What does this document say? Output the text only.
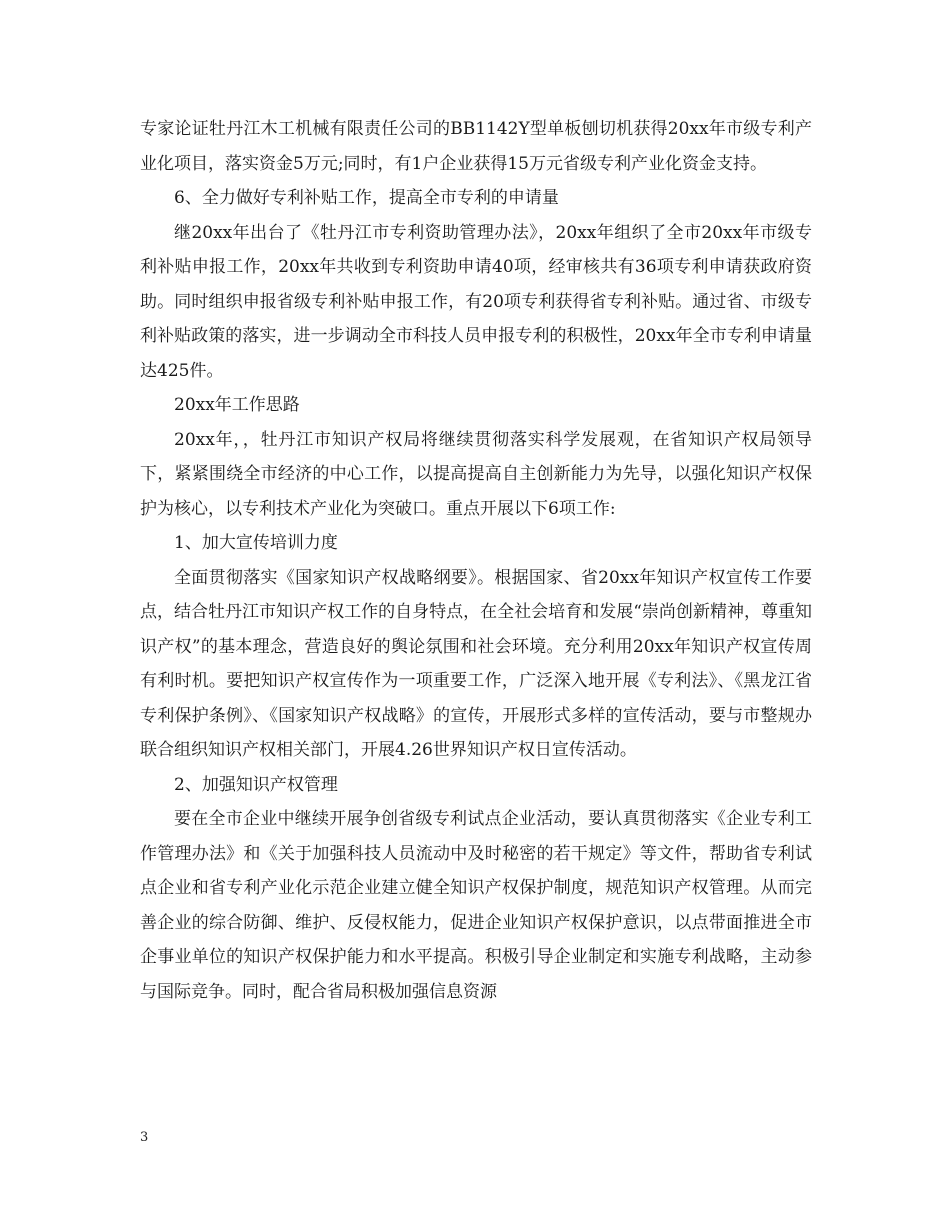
专家论证牡丹江木工机械有限责任公司的BB1142Y型单板刨切机获得20xx年市级专利产业化项目，落实资金5万元;同时，有1户企业获得15万元省级专利产业化资金支持。

6、全力做好专利补贴工作，提高全市专利的申请量

继20xx年出台了《牡丹江市专利资助管理办法》，20xx年组织了全市20xx年市级专利补贴申报工作，20xx年共收到专利资助申请40项，经审核共有36项专利申请获政府资助。同时组织申报省级专利补贴申报工作，有20项专利获得省专利补贴。通过省、市级专利补贴政策的落实，进一步调动全市科技人员申报专利的积极性，20xx年全市专利申请量达425件。

20xx年工作思路

20xx年，，牡丹江市知识产权局将继续贯彻落实科学发展观，在省知识产权局领导下，紧紧围绕全市经济的中心工作，以提高提高自主创新能力为先导，以强化知识产权保护为核心，以专利技术产业化为突破口。重点开展以下6项工作:

1、加大宣传培训力度

全面贯彻落实《国家知识产权战略纲要》。根据国家、省20xx年知识产权宣传工作要点，结合牡丹江市知识产权工作的自身特点，在全社会培育和发展“崇尚创新精神，尊重知识产权”的基本理念，营造良好的舆论氛围和社会环境。充分利用20xx年知识产权宣传周有利时机。要把知识产权宣传作为一项重要工作，广泛深入地开展《专利法》、《黑龙江省专利保护条例》、《国家知识产权战略》的宣传，开展形式多样的宣传活动，要与市整规办联合组织知识产权相关部门，开展4.26世界知识产权日宣传活动。

2、加强知识产权管理

要在全市企业中继续开展争创省级专利试点企业活动，要认真贯彻落实《企业专利工作管理办法》和《关于加强科技人员流动中及时秘密的若干规定》等文件，帮助省专利试点企业和省专利产业化示范企业建立健全知识产权保护制度，规范知识产权管理。从而完善企业的综合防御、维护、反侵权能力，促进企业知识产权保护意识，以点带面推进全市企事业单位的知识产权保护能力和水平提高。积极引导企业制定和实施专利战略，主动参与国际竞争。同时，配合省局积极加强信息资源

3
